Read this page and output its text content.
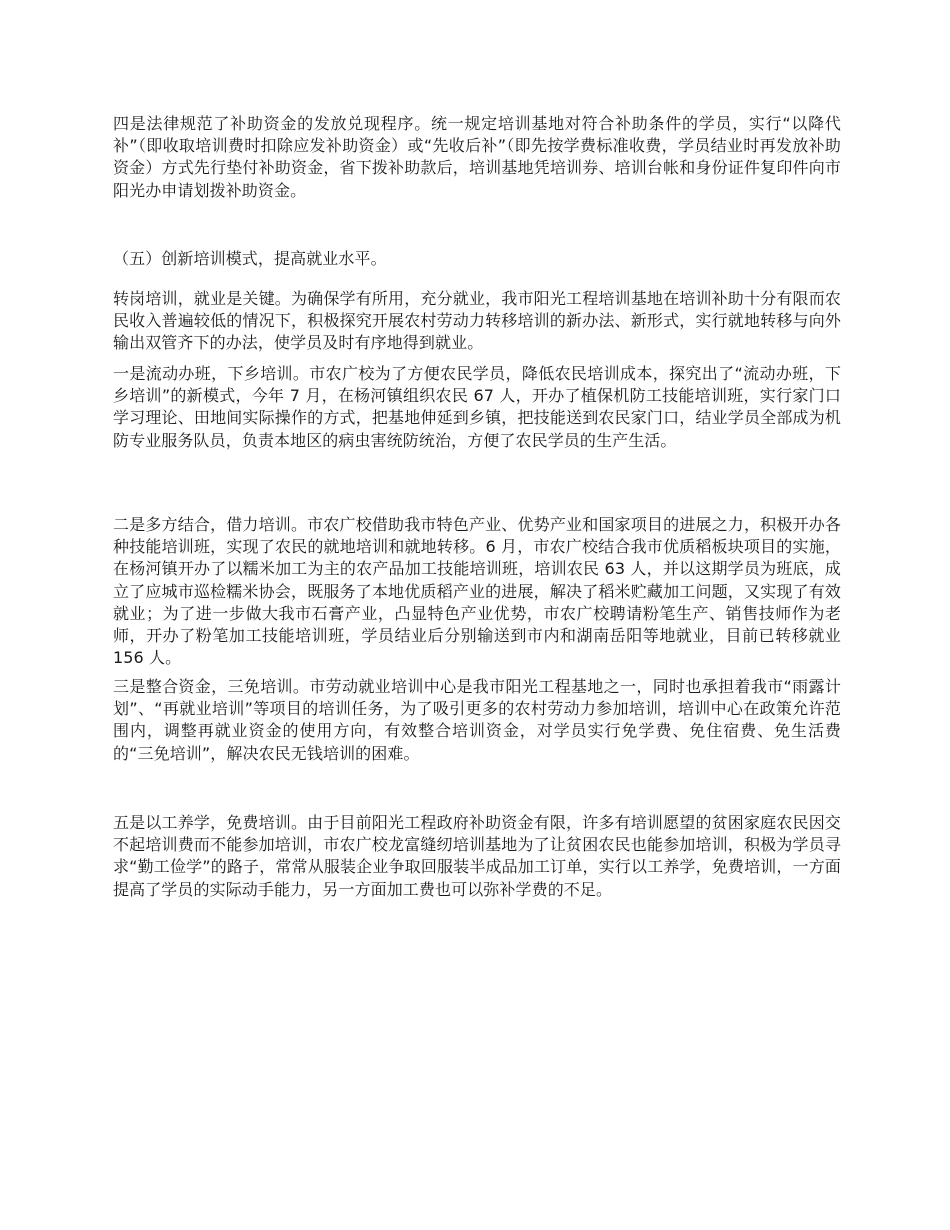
四是法律规范了补助资金的发放兑现程序。统一规定培训基地对符合补助条件的学员，实行“以降代补”（即收取培训费时扣除应发补助资金）或“先收后补”（即先按学费标准收费，学员结业时再发放补助资金）方式先行垫付补助资金，省下拨补助款后，培训基地凭培训券、培训台帐和身份证件复印件向市阳光办申请划拨补助资金。

（五）创新培训模式，提高就业水平。

转岗培训，就业是关键。为确保学有所用，充分就业，我市阳光工程培训基地在培训补助十分有限而农民收入普遍较低的情况下，积极探究开展农村劳动力转移培训的新办法、新形式，实行就地转移与向外输出双管齐下的办法，使学员及时有序地得到就业。

一是流动办班，下乡培训。市农广校为了方便农民学员，降低农民培训成本，探究出了“流动办班，下乡培训”的新模式，今年 7 月，在杨河镇组织农民 67 人，开办了植保机防工技能培训班，实行家门口学习理论、田地间实际操作的方式，把基地伸延到乡镇，把技能送到农民家门口，结业学员全部成为机防专业服务队员，负责本地区的病虫害统防统治，方便了农民学员的生产生活。

二是多方结合，借力培训。市农广校借助我市特色产业、优势产业和国家项目的进展之力，积极开办各种技能培训班，实现了农民的就地培训和就地转移。6 月，市农广校结合我市优质稻板块项目的实施，在杨河镇开办了以糯米加工为主的农产品加工技能培训班，培训农民 63 人，并以这期学员为班底，成立了应城市巡检糯米协会，既服务了本地优质稻产业的进展，解决了稻米贮藏加工问题，又实现了有效就业；为了进一步做大我市石膏产业，凸显特色产业优势，市农广校聘请粉笔生产、销售技师作为老师，开办了粉笔加工技能培训班，学员结业后分别输送到市内和湖南岳阳等地就业，目前已转移就业 156 人。

三是整合资金，三免培训。市劳动就业培训中心是我市阳光工程基地之一，同时也承担着我市“雨露计划”、“再就业培训”等项目的培训任务，为了吸引更多的农村劳动力参加培训，培训中心在政策允许范围内，调整再就业资金的使用方向，有效整合培训资金，对学员实行免学费、免住宿费、免生活费的“三免培训”，解决农民无钱培训的困难。

五是以工养学，免费培训。由于目前阳光工程政府补助资金有限，许多有培训愿望的贫困家庭农民因交不起培训费而不能参加培训，市农广校龙富缝纫培训基地为了让贫困农民也能参加培训，积极为学员寻求“勤工俭学”的路子，常常从服装企业争取回服装半成品加工订单，实行以工养学，免费培训，一方面提高了学员的实际动手能力，另一方面加工费也可以弥补学费的不足。
